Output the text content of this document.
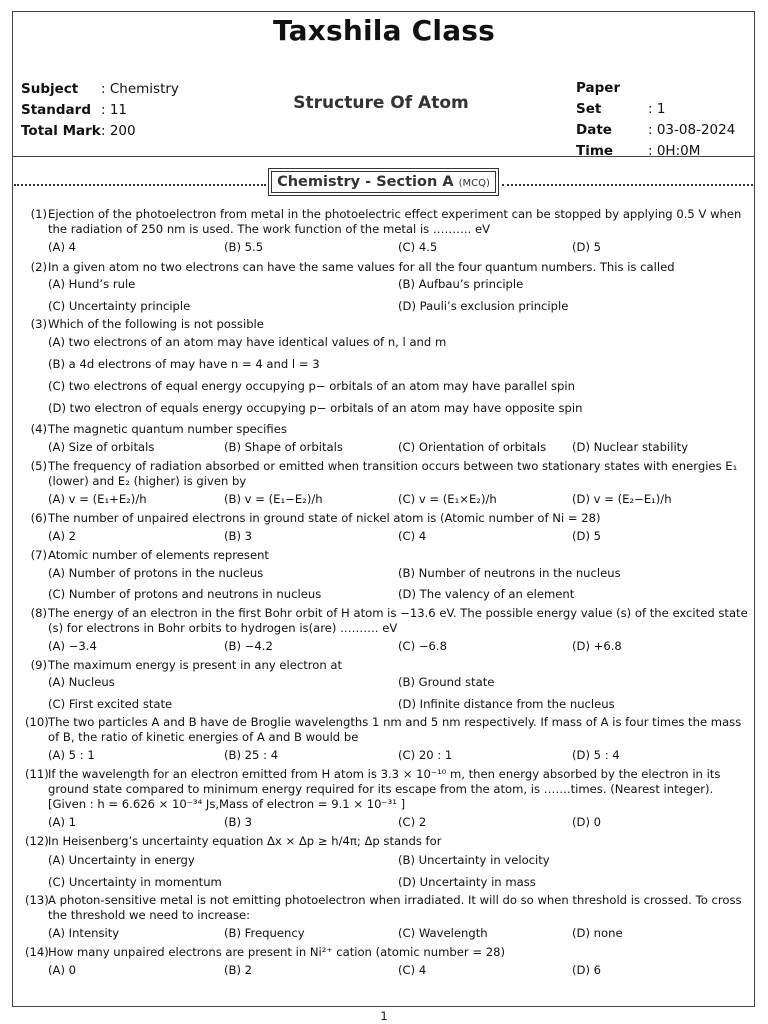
Taxshila Class
Subject : Chemistry
Standard : 11
Total Mark: 200
Structure Of Atom
Paper Set	: 1
Date	: 03-08-2024
Time	: 0H:0M
Chemistry - Section A (MCQ)
(1) Ejection of the photoelectron from metal in the photoelectric effect experiment can be stopped by applying 0.5 V when the radiation of 250 nm is used. The work function of the metal is ………. eV
(A) 4	(B) 5.5	(C) 4.5	(D) 5
(2) In a given atom no two electrons can have the same values for all the four quantum numbers. This is called
(A) Hund’s rule	(B) Aufbau’s principle
(C) Uncertainty principle	(D) Pauli’s exclusion principle
(3) Which of the following is not possible
(A) two electrons of an atom may have identical values of n, l and m
(B) a 4d electrons of may have n = 4 and l = 3
(C) two electrons of equal energy occupying p− orbitals of an atom may have parallel spin
(D) two electron of equals energy occupying p− orbitals of an atom may have opposite spin
(4) The magnetic quantum number specifies
(A) Size of orbitals	(B) Shape of orbitals	(C) Orientation of orbitals (D) Nuclear stability
(5) The frequency of radiation absorbed or emitted when transition occurs between two stationary states with energies E₁ (lower) and E₂ (higher) is given by
(A) v = (E₁+E₂)/h	(B) v = (E₁−E₂)/h	(C) v = (E₁×E₂)/h	(D) v = (E₂−E₁)/h
(6) The number of unpaired electrons in ground state of nickel atom is (Atomic number of Ni = 28)
(A) 2	(B) 3	(C) 4	(D) 5
(7) Atomic number of elements represent
(A) Number of protons in the nucleus	(B) Number of neutrons in the nucleus
(C) Number of protons and neutrons in nucleus	(D) The valency of an element
(8) The energy of an electron in the first Bohr orbit of H atom is −13.6 eV. The possible energy value (s) of the excited state (s) for electrons in Bohr orbits to hydrogen is(are) ………. eV
(A) −3.4	(B) −4.2	(C) −6.8	(D) +6.8
(9) The maximum energy is present in any electron at
(A) Nucleus	(B) Ground state
(C) First excited state	(D) Infinite distance from the nucleus
(10) The two particles A and B have de Broglie wavelengths 1 nm and 5 nm respectively. If mass of A is four times the mass of B, the ratio of kinetic energies of A and B would be
(A) 5 : 1	(B) 25 : 4	(C) 20 : 1	(D) 5 : 4
(11) If the wavelength for an electron emitted from H atom is 3.3 × 10⁻¹⁰ m, then energy absorbed by the electron in its ground state compared to minimum energy required for its escape from the atom, is …….times. (Nearest integer).
[Given : h = 6.626 × 10⁻³⁴ Js,Mass of electron = 9.1 × 10⁻³¹ ]
(A) 1	(B) 3	(C) 2	(D) 0
(12) In Heisenberg’s uncertainty equation Δx × Δp ≥ h/4π; Δp stands for
(A) Uncertainty in energy	(B) Uncertainty in velocity
(C) Uncertainty in momentum	(D) Uncertainty in mass
(13) A photon-sensitive metal is not emitting photoelectron when irradiated. It will do so when threshold is crossed. To cross the threshold we need to increase:
(A) Intensity	(B) Frequency	(C) Wavelength	(D) none
(14) How many unpaired electrons are present in Ni²⁺ cation (atomic number = 28)
(A) 0	(B) 2	(C) 4	(D) 6
1
